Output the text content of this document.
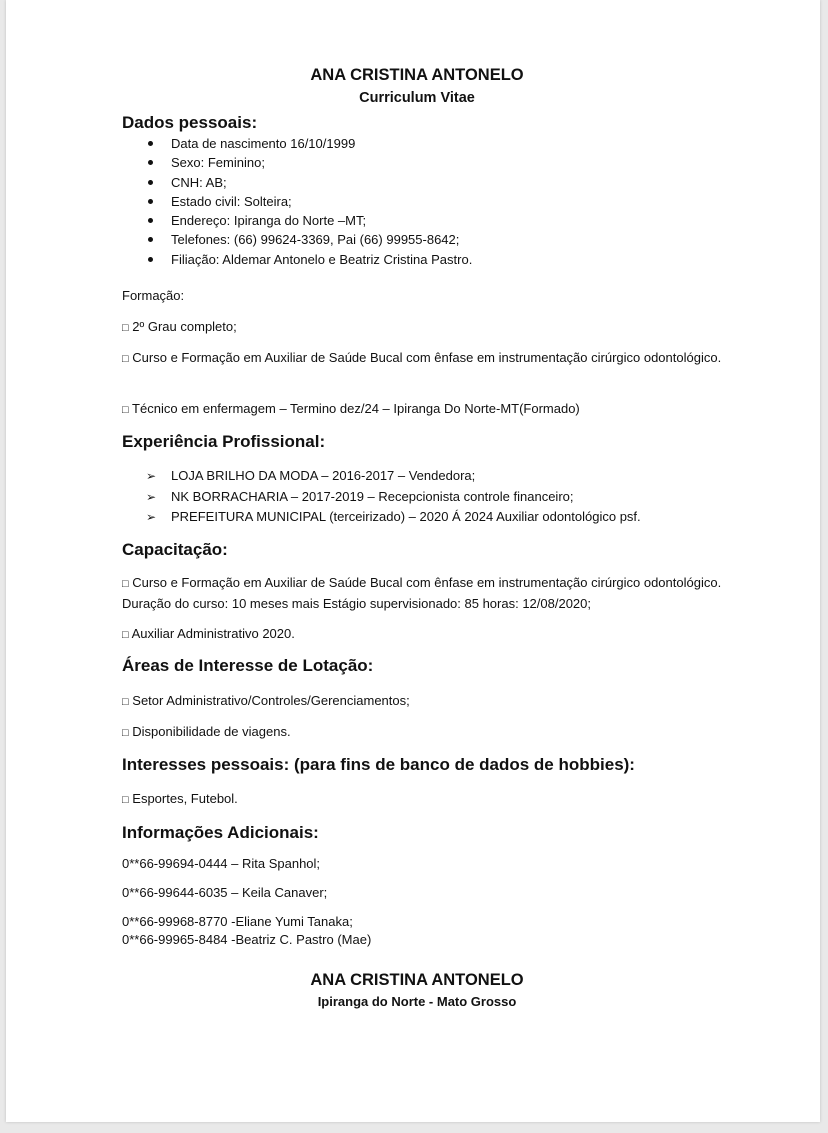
ANA CRISTINA ANTONELO
Curriculum Vitae
Dados pessoais:
Data de nascimento 16/10/1999
Sexo: Feminino;
CNH: AB;
Estado civil: Solteira;
Endereço: Ipiranga do Norte –MT;
Telefones: (66) 99624-3369, Pai (66) 99955-8642;
Filiação: Aldemar Antonelo e Beatriz Cristina Pastro.
Formação:
□ 2º Grau completo;
□ Curso e Formação em Auxiliar de Saúde Bucal com ênfase em instrumentação cirúrgico odontológico.
□ Técnico em enfermagem – Termino dez/24 – Ipiranga Do Norte-MT(Formado)
Experiência Profissional:
➢ LOJA BRILHO DA MODA – 2016-2017 – Vendedora;
➢ NK BORRACHARIA – 2017-2019 – Recepcionista controle financeiro;
➢ PREFEITURA MUNICIPAL (terceirizado) – 2020 Á 2024 Auxiliar odontológico psf.
Capacitação:
□ Curso e Formação em Auxiliar de Saúde Bucal com ênfase em instrumentação cirúrgico odontológico. Duração do curso: 10 meses mais Estágio supervisionado: 85 horas: 12/08/2020;
□ Auxiliar Administrativo 2020.
Áreas de Interesse de Lotação:
□ Setor Administrativo/Controles/Gerenciamentos;
□ Disponibilidade de viagens.
Interesses pessoais: (para fins de banco de dados de hobbies):
□ Esportes, Futebol.
Informações Adicionais:
0**66-99694-0444 – Rita Spanhol;
0**66-99644-6035 – Keila Canaver;
0**66-99968-8770 -Eliane Yumi Tanaka;
0**66-99965-8484 -Beatriz C. Pastro (Mae)
ANA CRISTINA ANTONELO
Ipiranga do Norte - Mato Grosso
